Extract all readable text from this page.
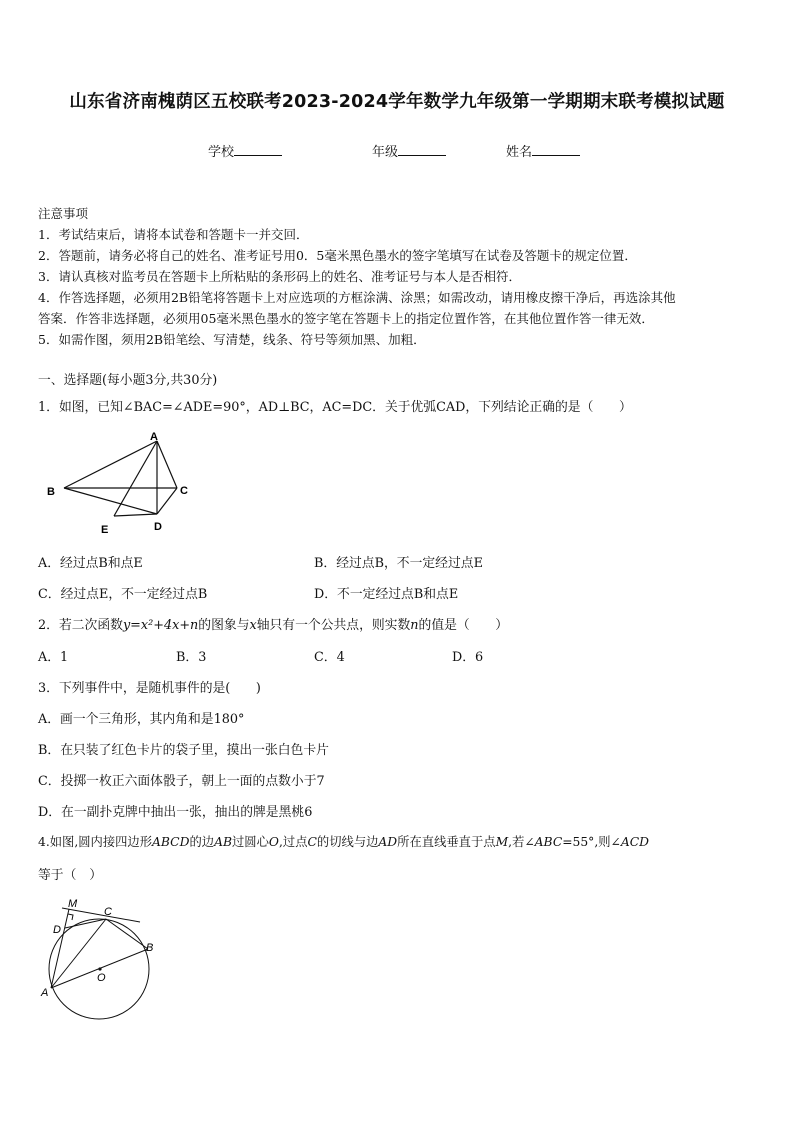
山东省济南槐荫区五校联考2023-2024学年数学九年级第一学期期末联考模拟试题
学校	年级	姓名
注意事项
1．考试结束后，请将本试卷和答题卡一并交回．
2．答题前，请务必将自己的姓名、准考证号用0．5毫米黑色墨水的签字笔填写在试卷及答题卡的规定位置．
3．请认真核对监考员在答题卡上所粘贴的条形码上的姓名、准考证号与本人是否相符．
4．作答选择题，必须用2B铅笔将答题卡上对应选项的方框涂满、涂黑；如需改动，请用橡皮擦干净后，再选涂其他
答案．作答非选择题，必须用05毫米黑色墨水的签字笔在答题卡上的指定位置作答，在其他位置作答一律无效．
5．如需作图，须用2B铅笔绘、写清楚，线条、符号等须加黑、加粗．
一、选择题(每小题3分,共30分)
1．如图，已知∠BAC=∠ADE=90°，AD⊥BC，AC=DC．关于优弧CAD，下列结论正确的是（　　）
A
B	C
D
E
A．经过点B和点E	B．经过点B，不一定经过点E
C．经过点E，不一定经过点B	D．不一定经过点B和点E
2．若二次函数y=x²+4x+n的图象与x轴只有一个公共点，则实数n的值是（　　）
A．1	B．3	C．4	D．6
3．下列事件中，是随机事件的是(　　)
A．画一个三角形，其内角和是180°
B．在只装了红色卡片的袋子里，摸出一张白色卡片
C．投掷一枚正六面体骰子，朝上一面的点数小于7
D．在一副扑克牌中抽出一张，抽出的牌是黑桃6
4.如图,圆内接四边形ABCD的边AB过圆心O,过点C的切线与边AD所在直线垂直于点M,若∠ABC=55°,则∠ACD
等于（　）
M
C
D
B
O
A
